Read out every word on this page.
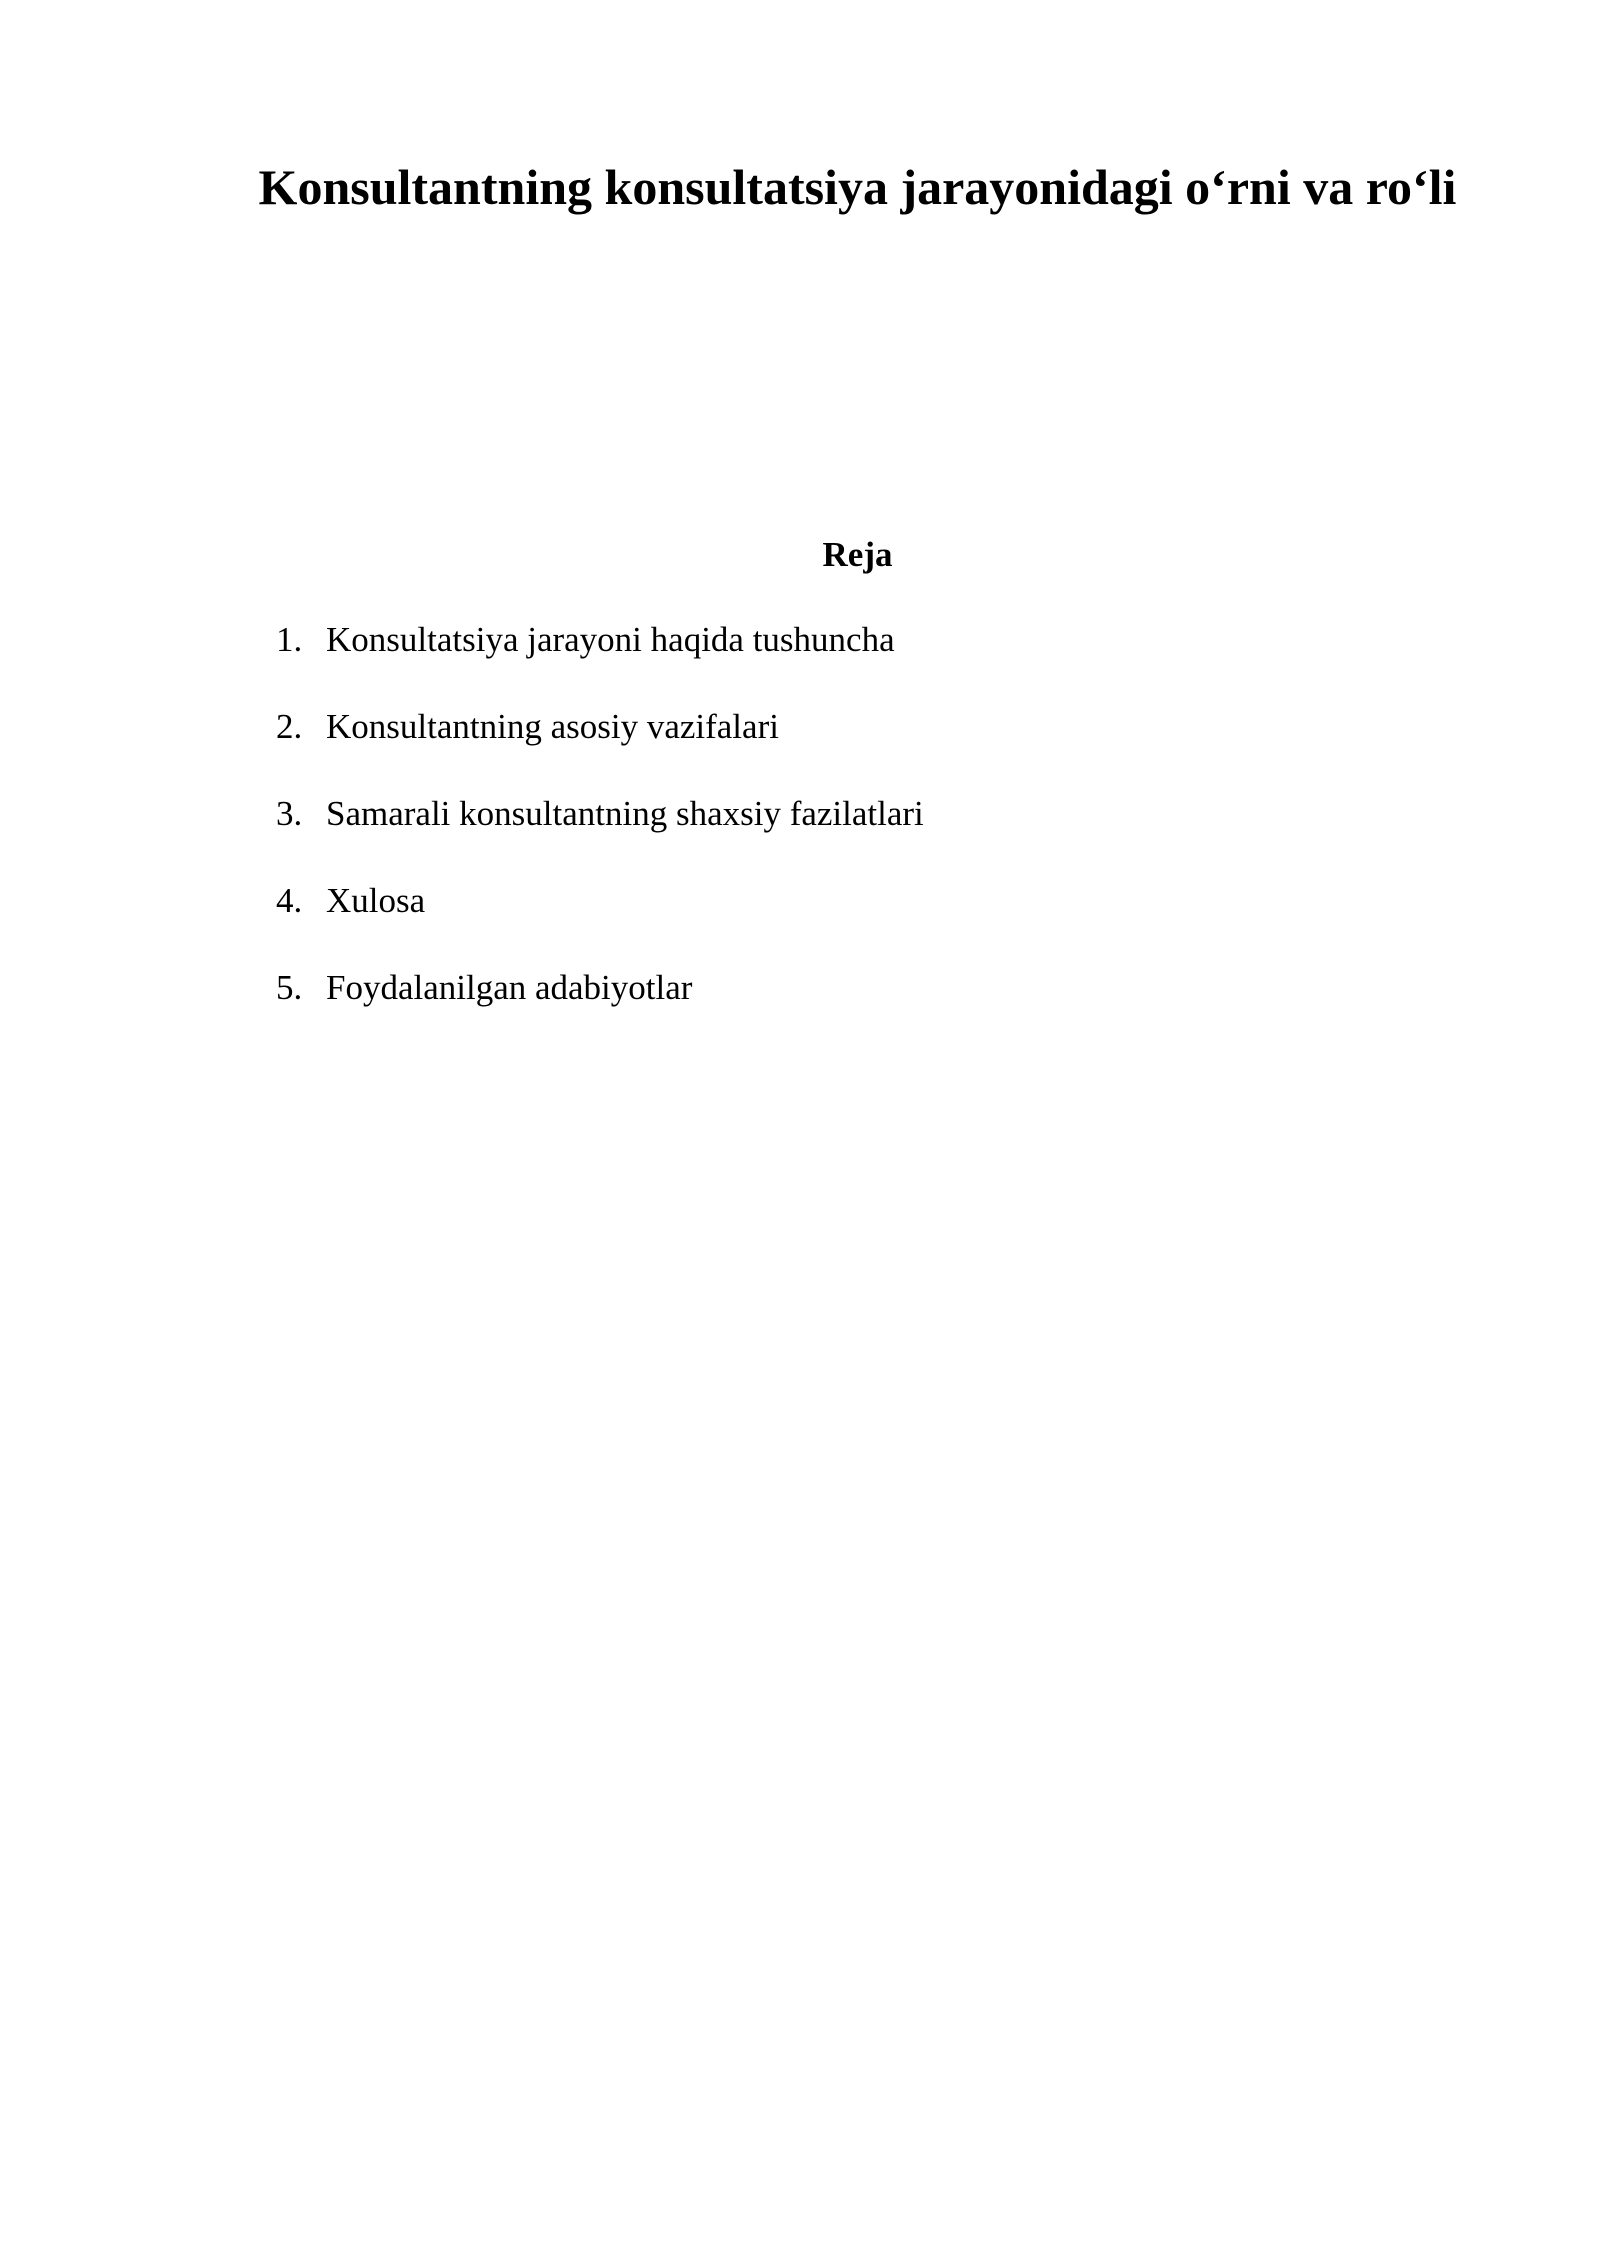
Konsultantning konsultatsiya jarayonidagi o‘rni va ro‘li
Reja
1. Konsultatsiya jarayoni haqida tushuncha
2. Konsultantning asosiy vazifalari
3. Samarali konsultantning shaxsiy fazilatlari
4. Xulosa
5. Foydalanilgan adabiyotlar
